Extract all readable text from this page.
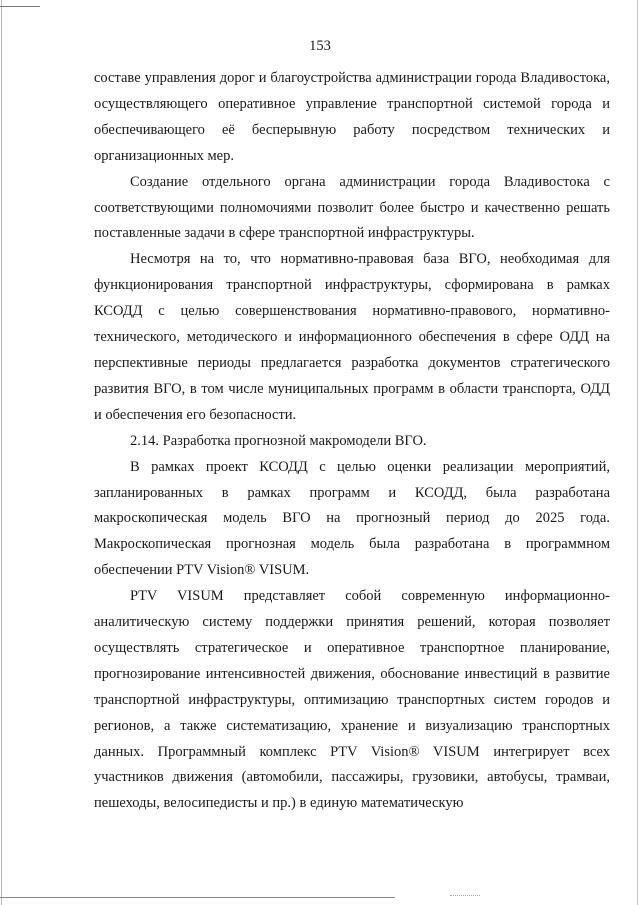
153

составе управления дорог и благоустройства администрации города Владивостока, осуществляющего оперативное управление транспортной системой города и обеспечивающего её бесперывную работу посредством технических и организационных мер.

Создание отдельного органа администрации города Владивостока с соответствующими полномочиями позволит более быстро и качественно решать поставленные задачи в сфере транспортной инфраструктуры.

Несмотря на то, что нормативно-правовая база ВГО, необходимая для функционирования транспортной инфраструктуры, сформирована в рамках КСОДД с целью совершенствования нормативно-правового, нормативно-технического, методического и информационного обеспечения в сфере ОДД на перспективные периоды предлагается разработка документов стратегического развития ВГО, в том числе муниципальных программ в области транспорта, ОДД и обеспечения его безопасности.

2.14. Разработка прогнозной макромодели ВГО.

В рамках проект КСОДД с целью оценки реализации мероприятий, запланированных в рамках программ и КСОДД, была разработана макроскопическая модель ВГО на прогнозный период до 2025 года. Макроскопическая прогнозная модель была разработана в программном обеспечении PTV Vision® VISUM.

PTV VISUM представляет собой современную информационно-аналитическую систему поддержки принятия решений, которая позволяет осуществлять стратегическое и оперативное транспортное планирование, прогнозирование интенсивностей движения, обоснование инвестиций в развитие транспортной инфраструктуры, оптимизацию транспортных систем городов и регионов, а также систематизацию, хранение и визуализацию транспортных данных. Программный комплекс PTV Vision® VISUM интегрирует всех участников движения (автомобили, пассажиры, грузовики, автобусы, трамваи, пешеходы, велосипедисты и пр.) в единую математическую
